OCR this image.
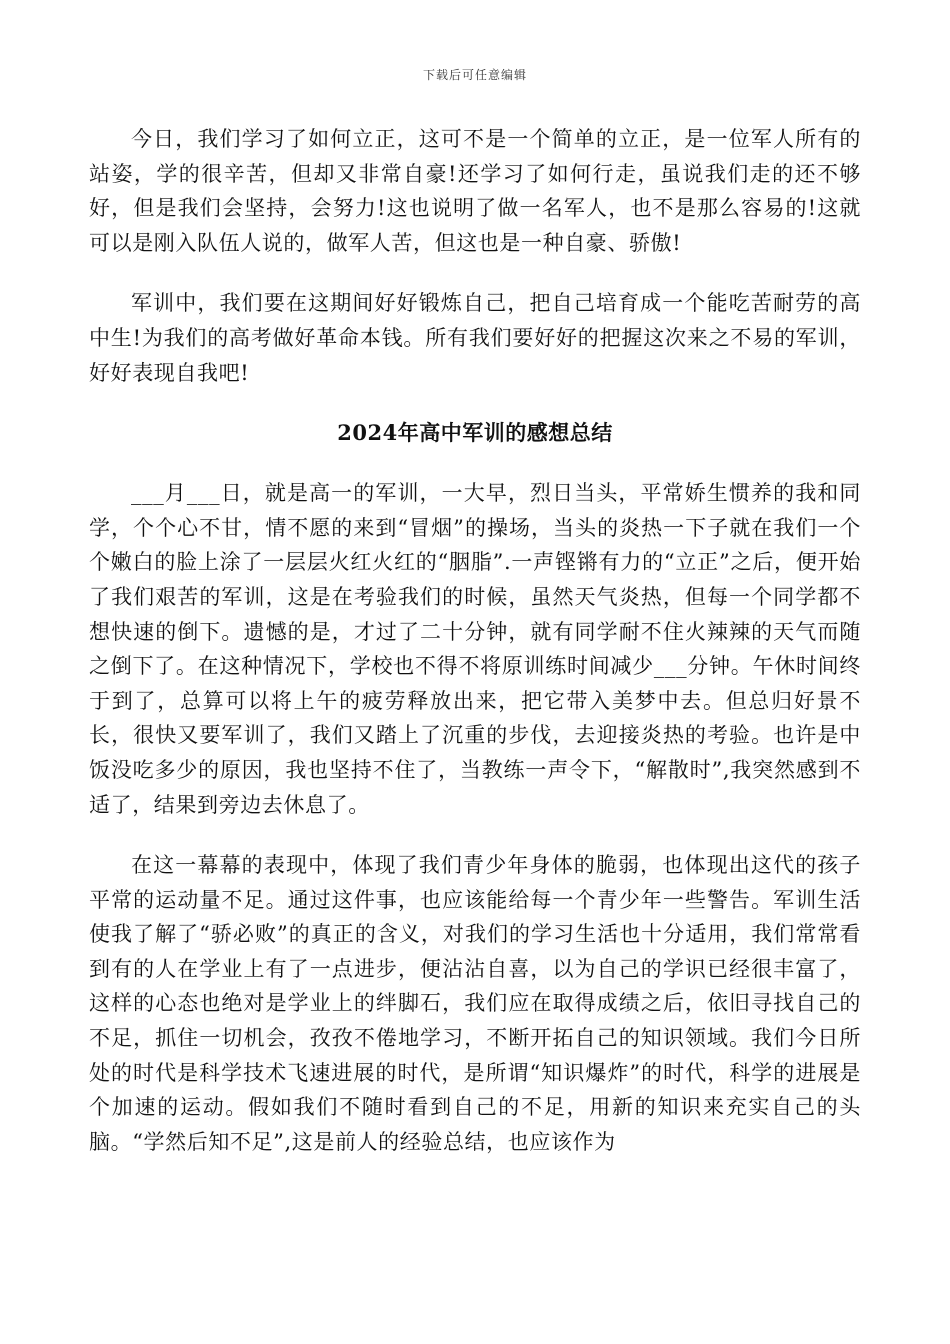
下载后可任意编辑

今日，我们学习了如何立正，这可不是一个简单的立正，是一位军人所有的站姿，学的很辛苦，但却又非常自豪!还学习了如何行走，虽说我们走的还不够好，但是我们会坚持，会努力!这也说明了做一名军人，也不是那么容易的!这就可以是刚入队伍人说的，做军人苦，但这也是一种自豪、骄傲!

军训中，我们要在这期间好好锻炼自己，把自己培育成一个能吃苦耐劳的高中生!为我们的高考做好革命本钱。所有我们要好好的把握这次来之不易的军训，好好表现自我吧!

2024年高中军训的感想总结

___月___日，就是高一的军训，一大早，烈日当头，平常娇生惯养的我和同学，个个心不甘，情不愿的来到“冒烟”的操场，当头的炎热一下子就在我们一个个嫩白的脸上涂了一层层火红火红的“胭脂”.一声铿锵有力的“立正”之后，便开始了我们艰苦的军训，这是在考验我们的时候，虽然天气炎热，但每一个同学都不想快速的倒下。遗憾的是，才过了二十分钟，就有同学耐不住火辣辣的天气而随之倒下了。在这种情况下，学校也不得不将原训练时间减少___分钟。午休时间终于到了，总算可以将上午的疲劳释放出来，把它带入美梦中去。但总归好景不长，很快又要军训了，我们又踏上了沉重的步伐，去迎接炎热的考验。也许是中饭没吃多少的原因，我也坚持不住了，当教练一声令下，“解散时”,我突然感到不适了，结果到旁边去休息了。

在这一幕幕的表现中，体现了我们青少年身体的脆弱，也体现出这代的孩子平常的运动量不足。通过这件事，也应该能给每一个青少年一些警告。军训生活使我了解了“骄必败”的真正的含义，对我们的学习生活也十分适用，我们常常看到有的人在学业上有了一点进步，便沾沾自喜，以为自己的学识已经很丰富了，这样的心态也绝对是学业上的绊脚石，我们应在取得成绩之后，依旧寻找自己的不足，抓住一切机会，孜孜不倦地学习，不断开拓自己的知识领域。我们今日所处的时代是科学技术飞速进展的时代，是所谓“知识爆炸”的时代，科学的进展是个加速的运动。假如我们不随时看到自己的不足，用新的知识来充实自己的头脑。“学然后知不足”,这是前人的经验总结，也应该作为
